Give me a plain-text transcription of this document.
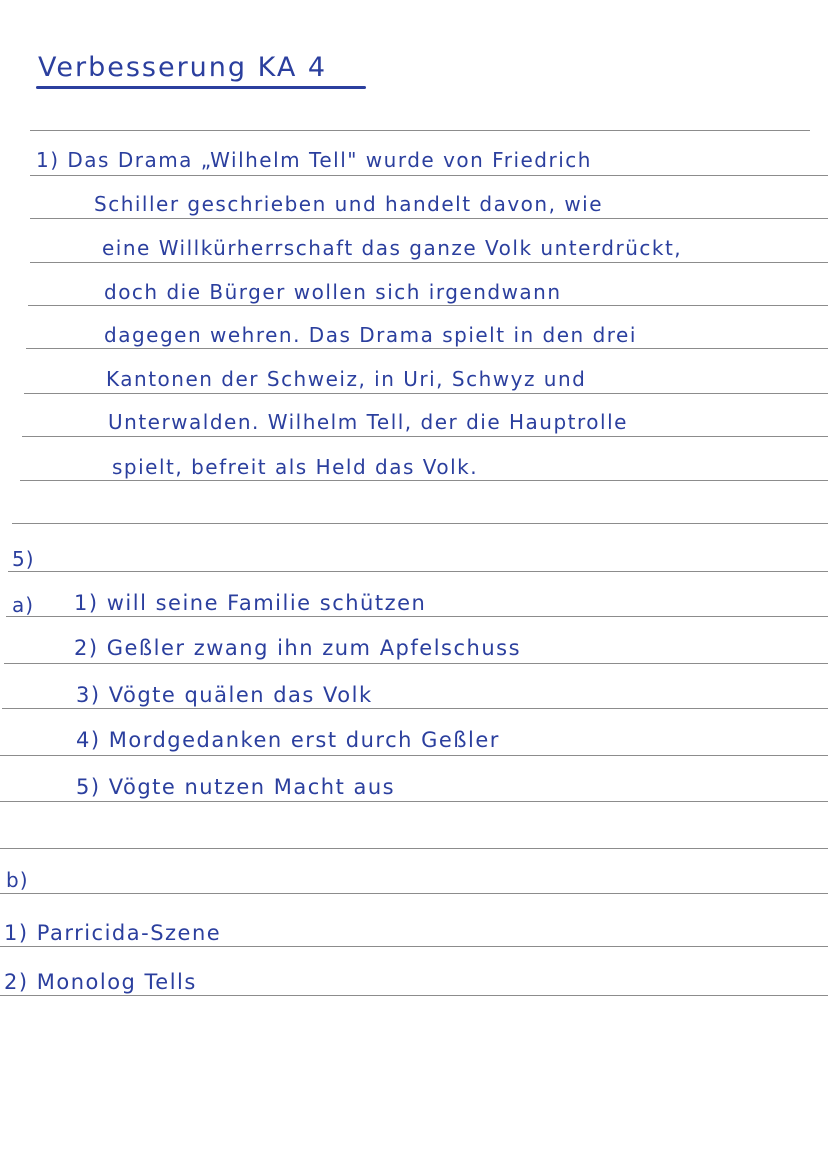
Verbesserung KA 4
1) Das Drama „Wilhelm Tell" wurde von Friedrich
Schiller geschrieben und handelt davon, wie
eine Willkürherrschaft das ganze Volk unterdrückt,
doch die Bürger wollen sich irgendwann
dagegen wehren. Das Drama spielt in den drei
Kantonen der Schweiz, in Uri, Schwyz und
Unterwalden. Wilhelm Tell, der die Hauptrolle
spielt, befreit als Held das Volk.
5)
a) 1) will seine Familie schützen
2) Geßler zwang ihn zum Apfelschuss
3) Vögte quälen das Volk
4) Mordgedanken erst durch Geßler
5) Vögte nutzen Macht aus
b)
1) Parricida-Szene
2) Monolog Tells
